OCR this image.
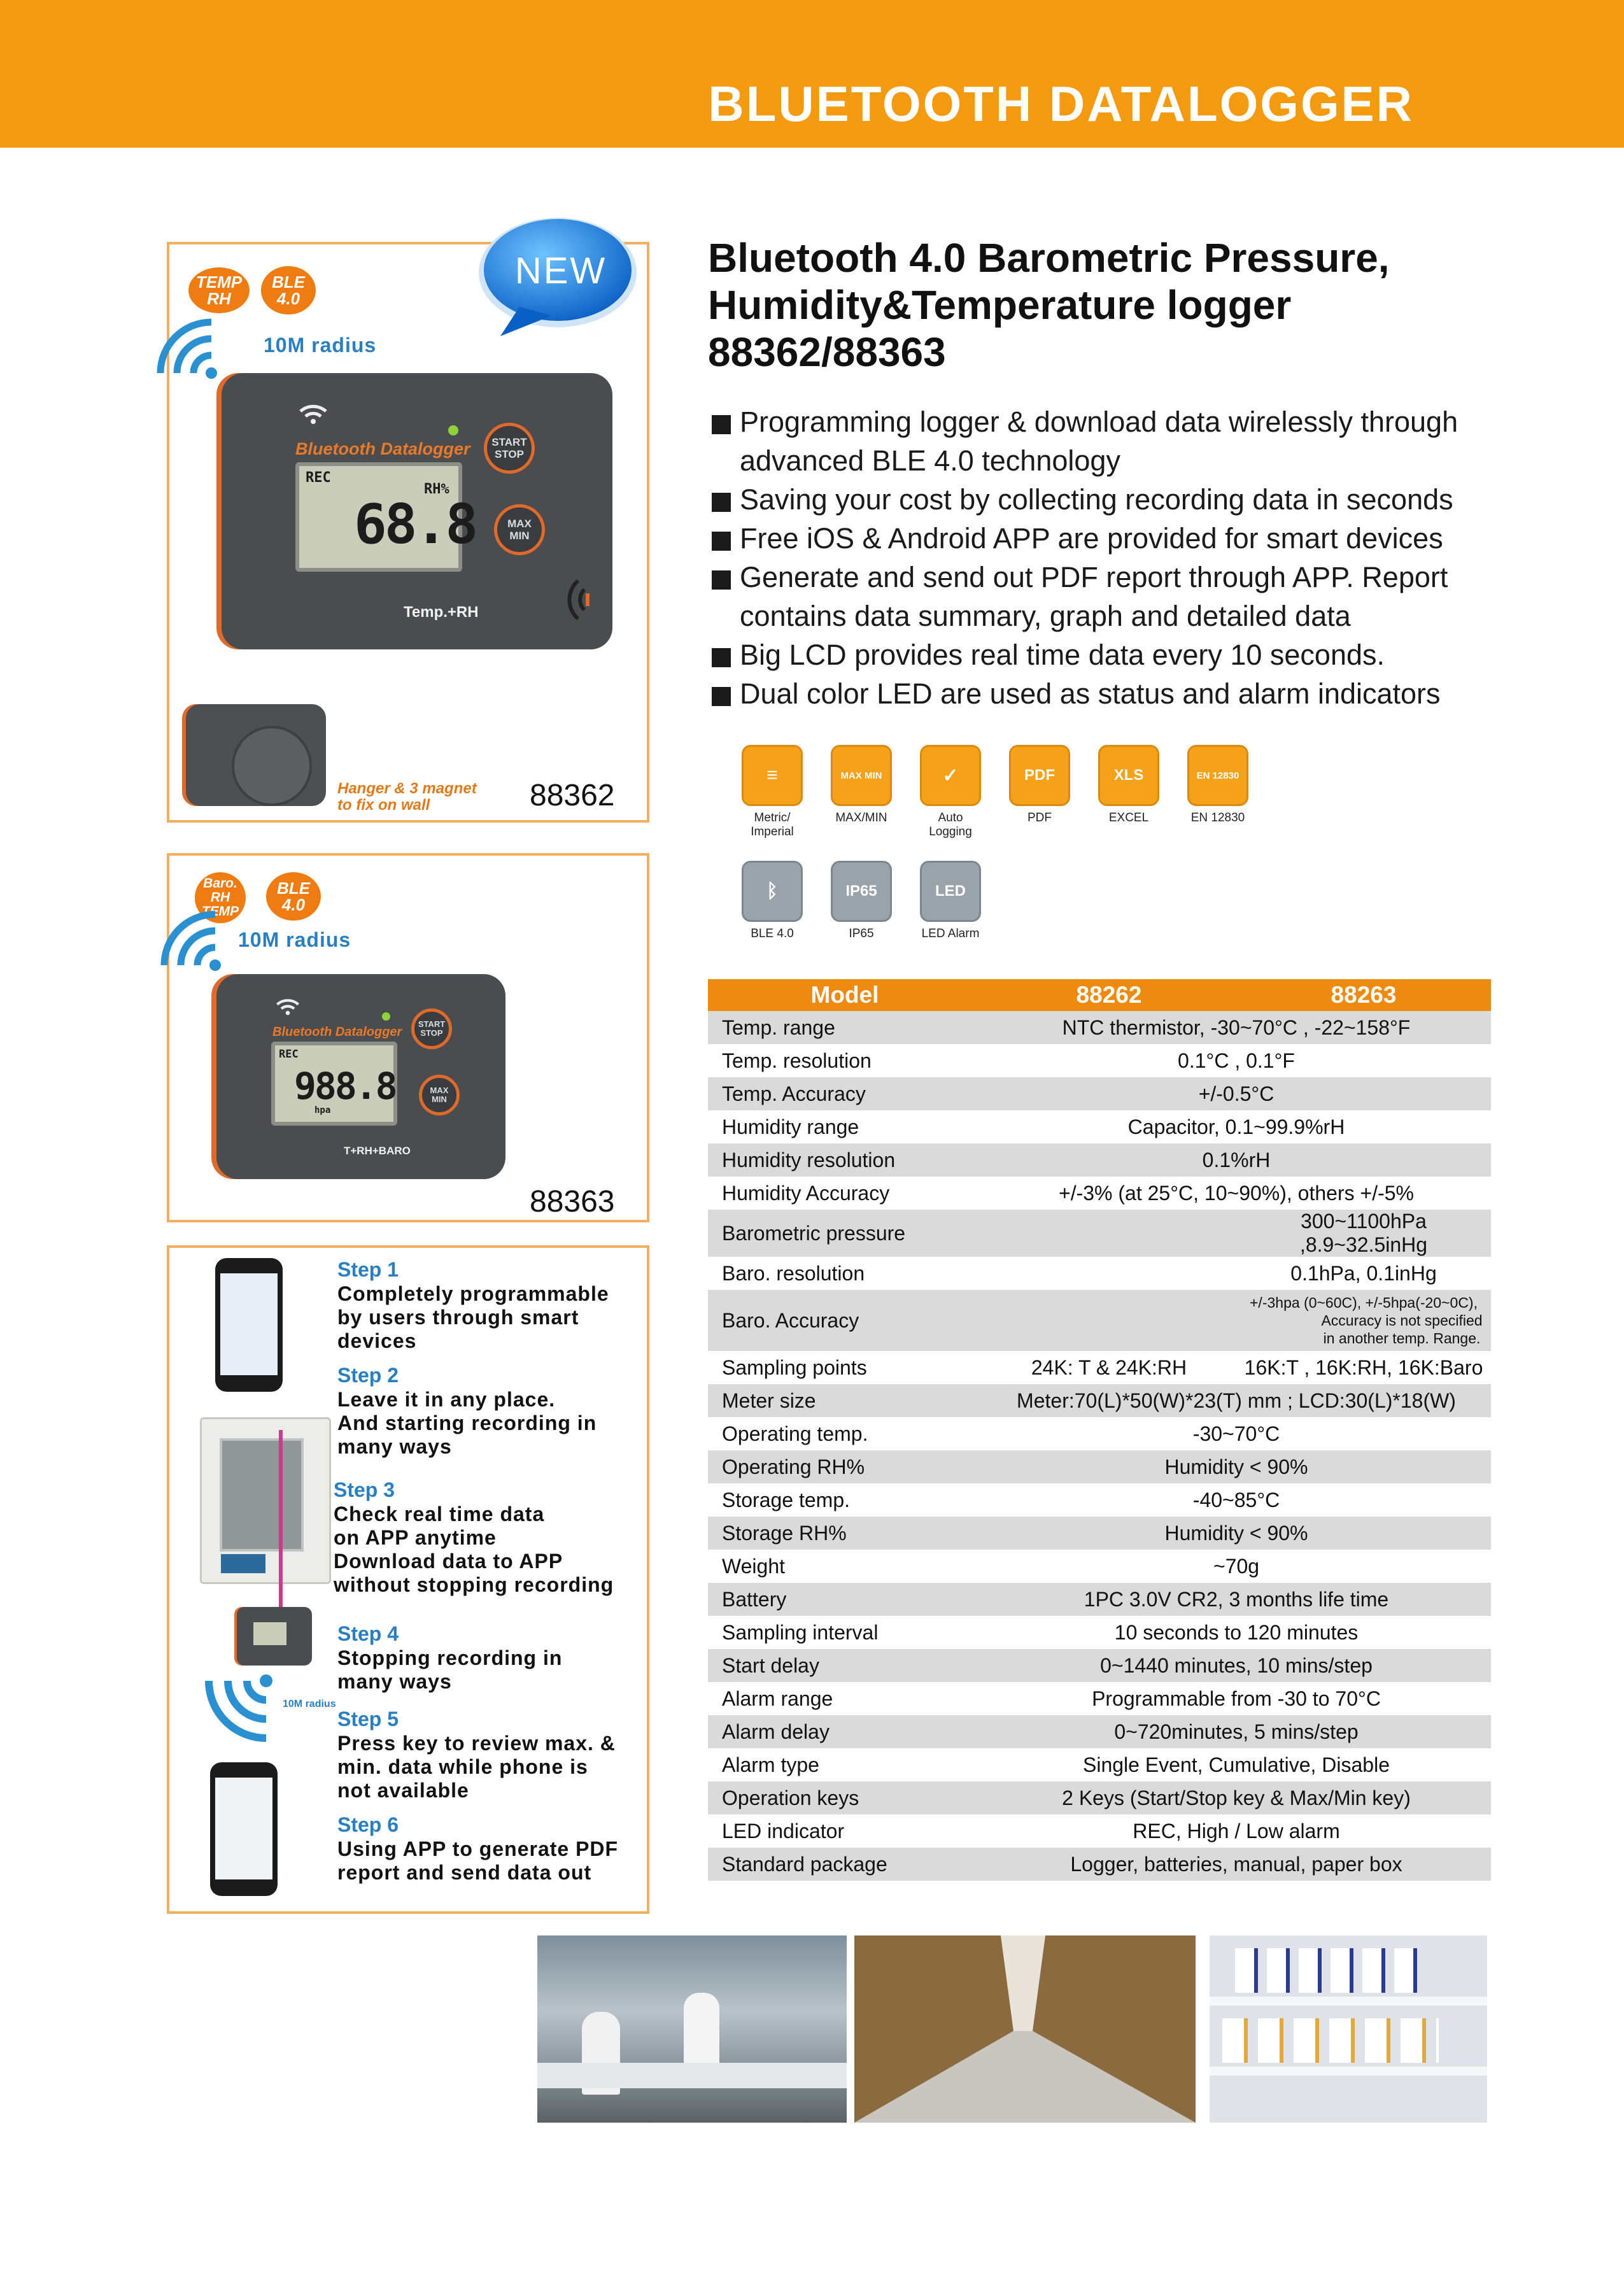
BLUETOOTH DATALOGGER
NEW
TEMP
RH
BLE
4.0
10M radius
Bluetooth Datalogger
REC
68.8
RH%
START
STOP
MAX
MIN
Temp.+RH
Hanger & 3 magnet
to fix on wall	88362
Baro.
RH
TEMP
BLE
4.0
10M radius
Bluetooth Datalogger
REC
988.8
hpa
START
STOP
MAX
MIN
T+RH+BARO
88363
10M radius
Step 1
Completely programmable
by users through smart
devices
Step 2
Leave it in any place.
And starting recording in
many ways
Step 3
Check real time data
on APP anytime
Download data to APP
without stopping recording
Step 4
Stopping recording in
many ways
Step 5
Press key to review max. &
min. data while phone is
not available
Step 6
Using APP to generate PDF
report and send data out
Bluetooth 4.0 Barometric Pressure,
Humidity&Temperature logger
88362/88363
Programming logger & download data wirelessly through
advanced BLE 4.0 technology
Saving your cost by collecting recording data in seconds
Free iOS & Android APP are provided for smart devices
Generate and send out PDF report through APP. Report
contains data summary, graph and detailed data
Big LCD provides real time data every 10 seconds.
Dual color LED are used as status and alarm indicators
≡
Metric/
Imperial
MAX MIN
MAX/MIN
✓
Auto
Logging
PDF
PDF
XLS
EXCEL
EN 12830
EN 12830
ᛒ
BLE 4.0
IP65
IP65
LED
LED Alarm
Model	88262	88263
Temp. range	NTC thermistor, -30~70°C , -22~158°F	
Temp. resolution	0.1°C , 0.1°F	
Temp. Accuracy	+/-0.5°C	
Humidity range	Capacitor, 0.1~99.9%rH	
Humidity resolution	0.1%rH	
Humidity Accuracy	+/-3% (at 25°C, 10~90%), others +/-5%	
Barometric pressure		300~1100hPa ,8.9~32.5inHg
Baro. resolution		0.1hPa, 0.1inHg
Baro. Accuracy		+/-3hpa (0~60C), +/-5hpa(-20~0C),
Accuracy is not specified
in another temp. Range.

Sampling points	24K: T & 24K:RH	16K:T , 16K:RH, 16K:Baro
Meter size	Meter:70(L)*50(W)*23(T) mm ; LCD:30(L)*18(W)	
Operating temp.	-30~70°C	
Operating RH%	Humidity < 90%	
Storage temp.	-40~85°C	
Storage RH%	Humidity < 90%	
Weight	~70g	
Battery	1PC 3.0V CR2, 3 months life time	
Sampling interval	10 seconds to 120 minutes	
Start delay	0~1440 minutes, 10 mins/step	
Alarm range	Programmable from -30 to 70°C	
Alarm delay	0~720minutes, 5 mins/step	
Alarm type	Single Event, Cumulative, Disable	
Operation keys	2 Keys (Start/Stop key & Max/Min key)	
LED indicator	REC, High / Low alarm	
Standard package	Logger, batteries, manual, paper box	
